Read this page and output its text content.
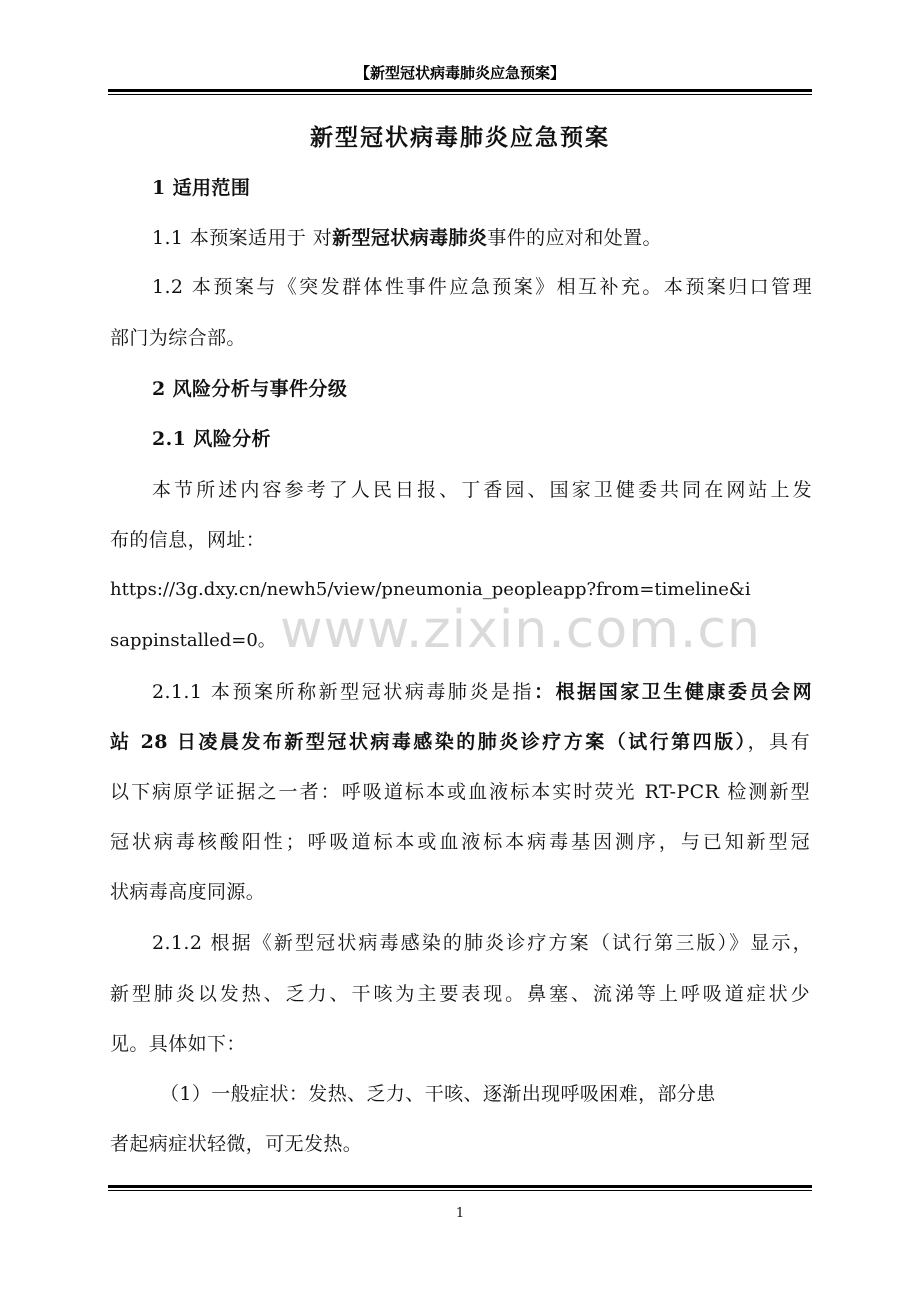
【新型冠状病毒肺炎应急预案】
www.zixin.com.cn
新型冠状病毒肺炎应急预案
1 适用范围
1.1 本预案适用于 对新型冠状病毒肺炎事件的应对和处置。
1.2 本预案与《突发群体性事件应急预案》相互补充。本预案归口管理
部门为综合部。
2 风险分析与事件分级
2.1 风险分析
本节所述内容参考了人民日报、丁香园、国家卫健委共同在网站上发
布的信息，网址：
https://3g.dxy.cn/newh5/view/pneumonia_peopleapp?from=timeline&i
sappinstalled=0。
2.1.1 本预案所称新型冠状病毒肺炎是指：根据国家卫生健康委员会网
站 28 日凌晨发布新型冠状病毒感染的肺炎诊疗方案（试行第四版），具有
以下病原学证据之一者：呼吸道标本或血液标本实时荧光 RT-PCR 检测新型
冠状病毒核酸阳性；呼吸道标本或血液标本病毒基因测序，与已知新型冠
状病毒高度同源。
2.1.2 根据《新型冠状病毒感染的肺炎诊疗方案（试行第三版）》显示，
新型肺炎以发热、乏力、干咳为主要表现。鼻塞、流涕等上呼吸道症状少
见。具体如下：
（1）一般症状：发热、乏力、干咳、逐渐出现呼吸困难，部分患
者起病症状轻微，可无发热。
1
